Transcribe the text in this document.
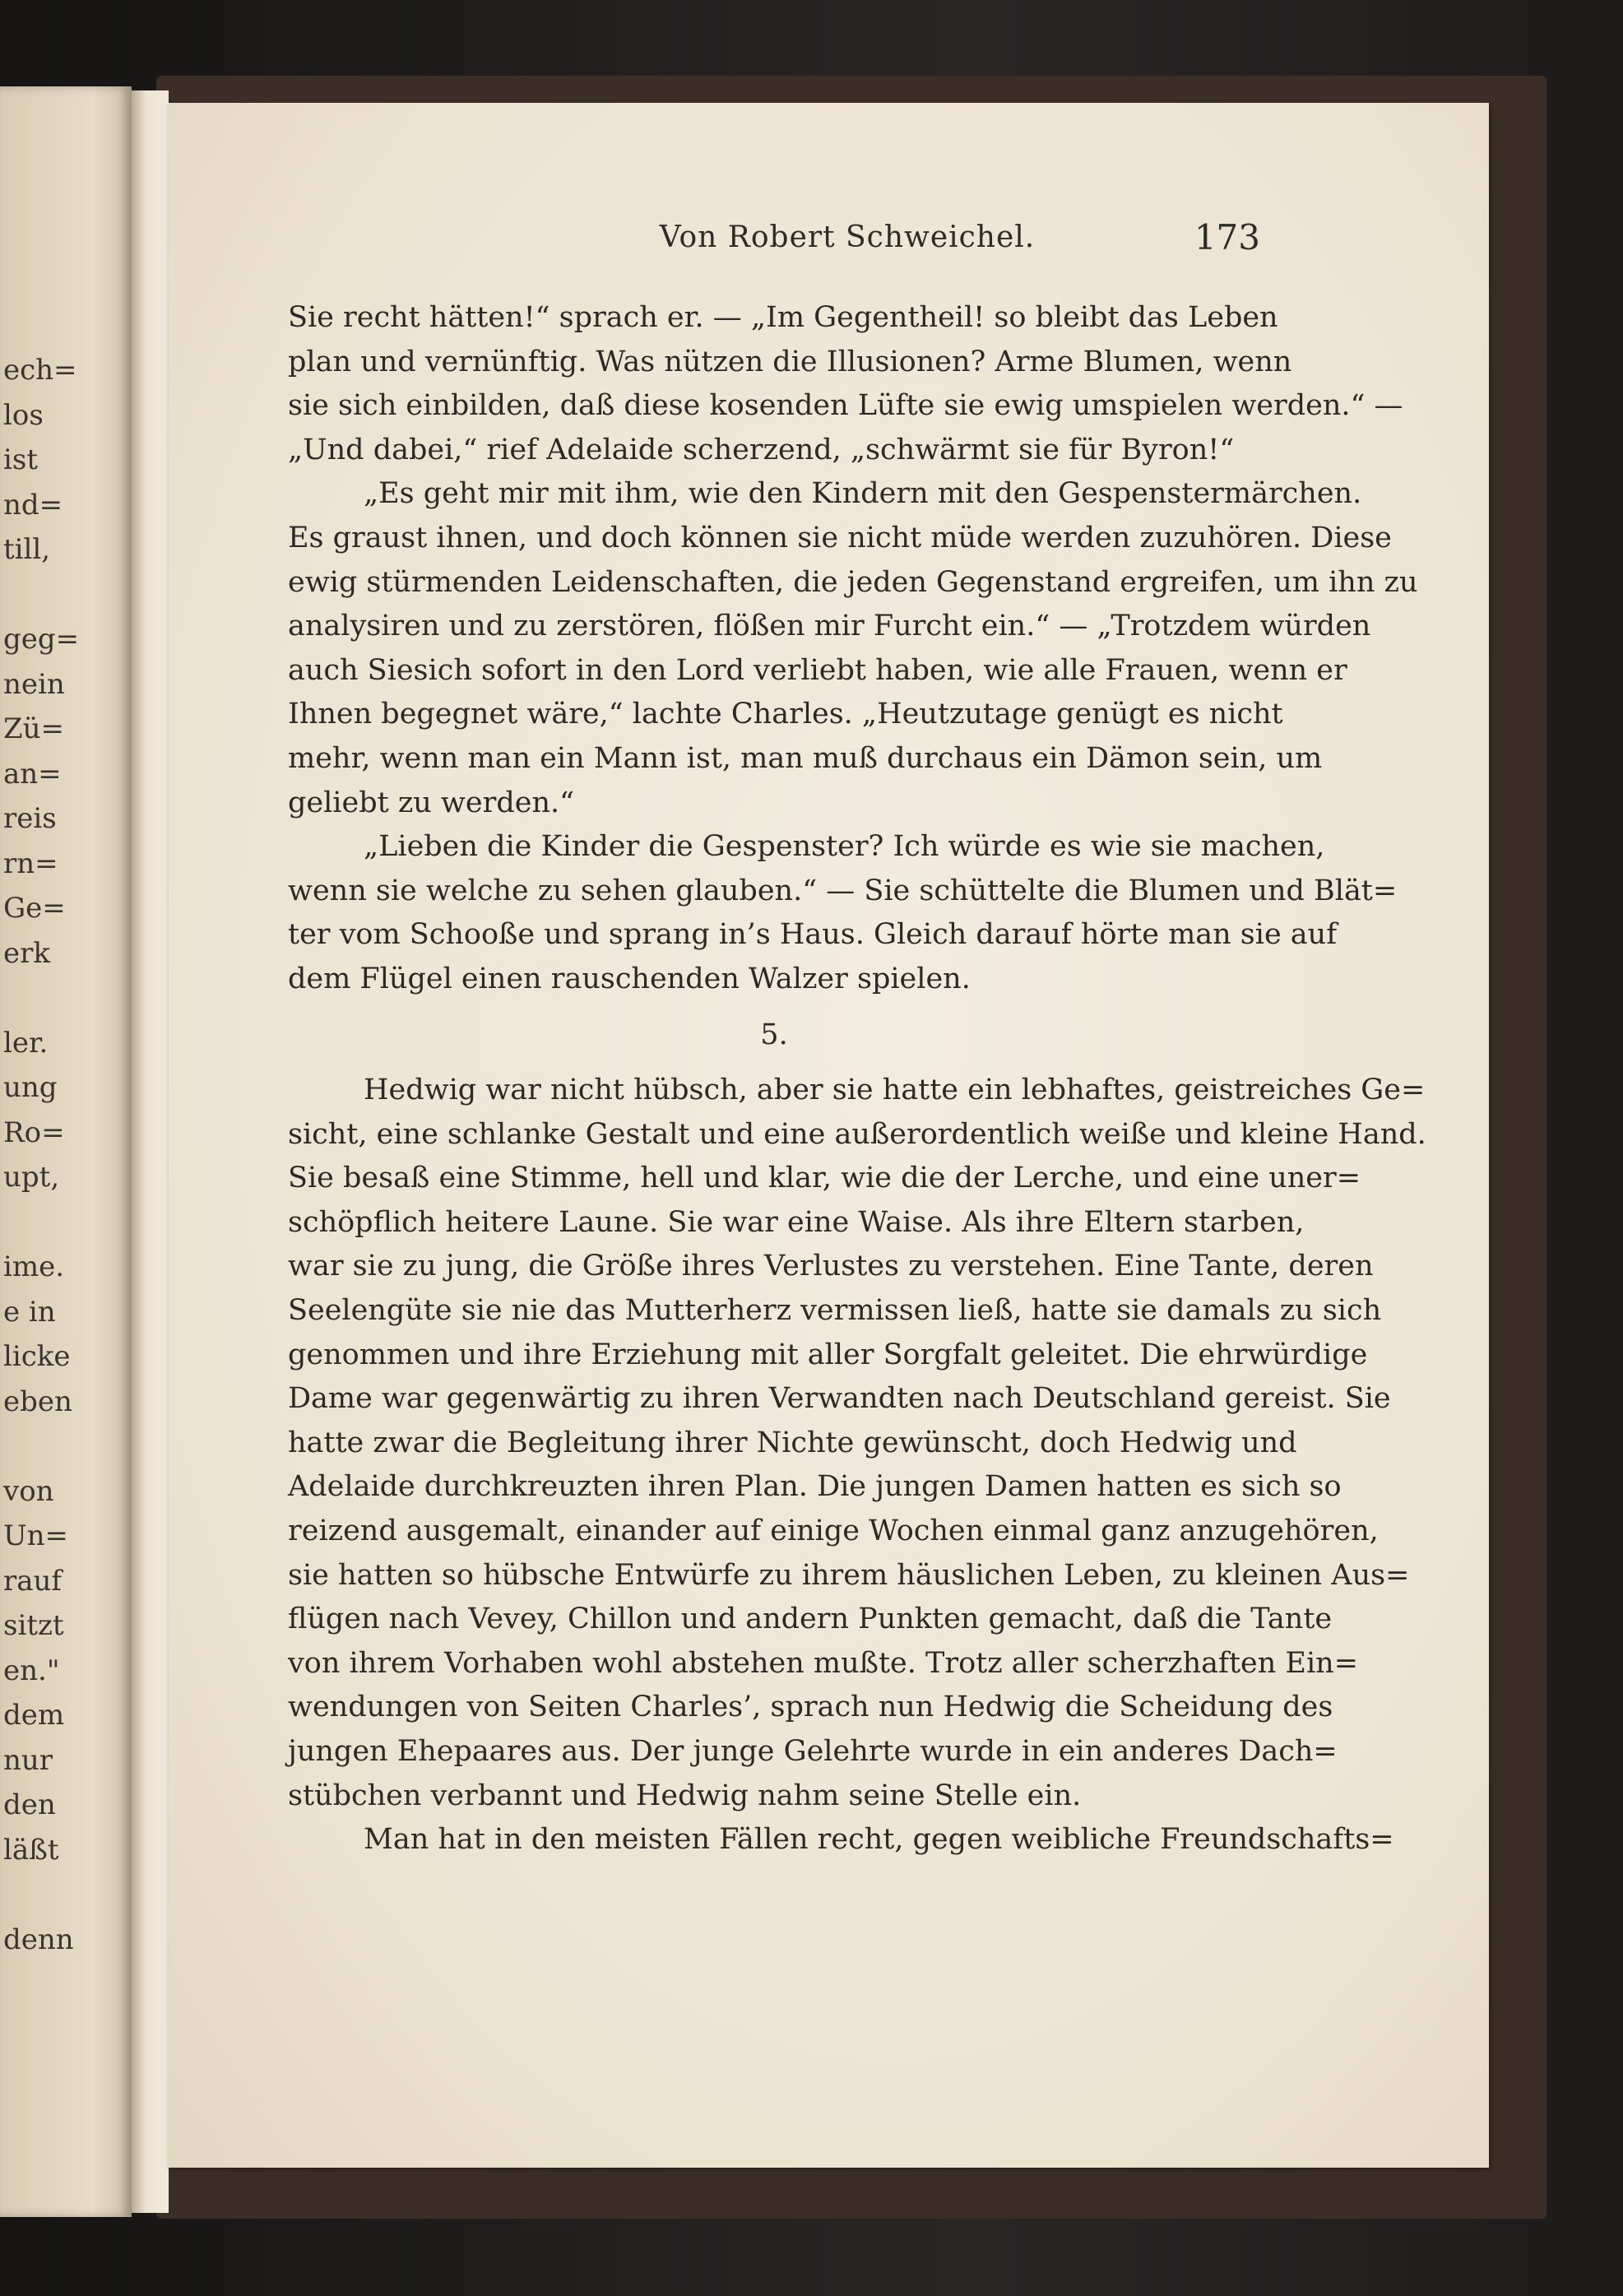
ech=
los
ist
nd=
till,
geg=
nein
Zü=
an=
reis
rn=
Ge=
erk
ler.
ung
Ro=
upt,
ime.
e in
licke
eben
von
Un=
rauf
sitzt
en."
dem
nur
den
läßt
denn
Von Robert Schweichel.	173
Sie recht hätten!“ sprach er. — „Im Gegentheil! so bleibt das Leben
plan und vernünftig. Was nützen die Illusionen? Arme Blumen, wenn
sie sich einbilden, daß diese kosenden Lüfte sie ewig umspielen werden.“ —
„Und dabei,“ rief Adelaide scherzend, „schwärmt sie für Byron!“
„Es geht mir mit ihm, wie den Kindern mit den Gespenstermärchen.
Es graust ihnen, und doch können sie nicht müde werden zuzuhören. Diese
ewig stürmenden Leidenschaften, die jeden Gegenstand ergreifen, um ihn zu
analysiren und zu zerstören, flößen mir Furcht ein.“ — „Trotzdem würden
auch Siesich sofort in den Lord verliebt haben, wie alle Frauen, wenn er
Ihnen begegnet wäre,“ lachte Charles. „Heutzutage genügt es nicht
mehr, wenn man ein Mann ist, man muß durchaus ein Dämon sein, um
geliebt zu werden.“
„Lieben die Kinder die Gespenster? Ich würde es wie sie machen,
wenn sie welche zu sehen glauben.“ — Sie schüttelte die Blumen und Blät=
ter vom Schooße und sprang in’s Haus. Gleich darauf hörte man sie auf
dem Flügel einen rauschenden Walzer spielen.
5.
Hedwig war nicht hübsch, aber sie hatte ein lebhaftes, geistreiches Ge=
sicht, eine schlanke Gestalt und eine außerordentlich weiße und kleine Hand.
Sie besaß eine Stimme, hell und klar, wie die der Lerche, und eine uner=
schöpflich heitere Laune. Sie war eine Waise. Als ihre Eltern starben,
war sie zu jung, die Größe ihres Verlustes zu verstehen. Eine Tante, deren
Seelengüte sie nie das Mutterherz vermissen ließ, hatte sie damals zu sich
genommen und ihre Erziehung mit aller Sorgfalt geleitet. Die ehrwürdige
Dame war gegenwärtig zu ihren Verwandten nach Deutschland gereist. Sie
hatte zwar die Begleitung ihrer Nichte gewünscht, doch Hedwig und
Adelaide durchkreuzten ihren Plan. Die jungen Damen hatten es sich so
reizend ausgemalt, einander auf einige Wochen einmal ganz anzugehören,
sie hatten so hübsche Entwürfe zu ihrem häuslichen Leben, zu kleinen Aus=
flügen nach Vevey, Chillon und andern Punkten gemacht, daß die Tante
von ihrem Vorhaben wohl abstehen mußte. Trotz aller scherzhaften Ein=
wendungen von Seiten Charles’, sprach nun Hedwig die Scheidung des
jungen Ehepaares aus. Der junge Gelehrte wurde in ein anderes Dach=
stübchen verbannt und Hedwig nahm seine Stelle ein.
Man hat in den meisten Fällen recht, gegen weibliche Freundschafts=
